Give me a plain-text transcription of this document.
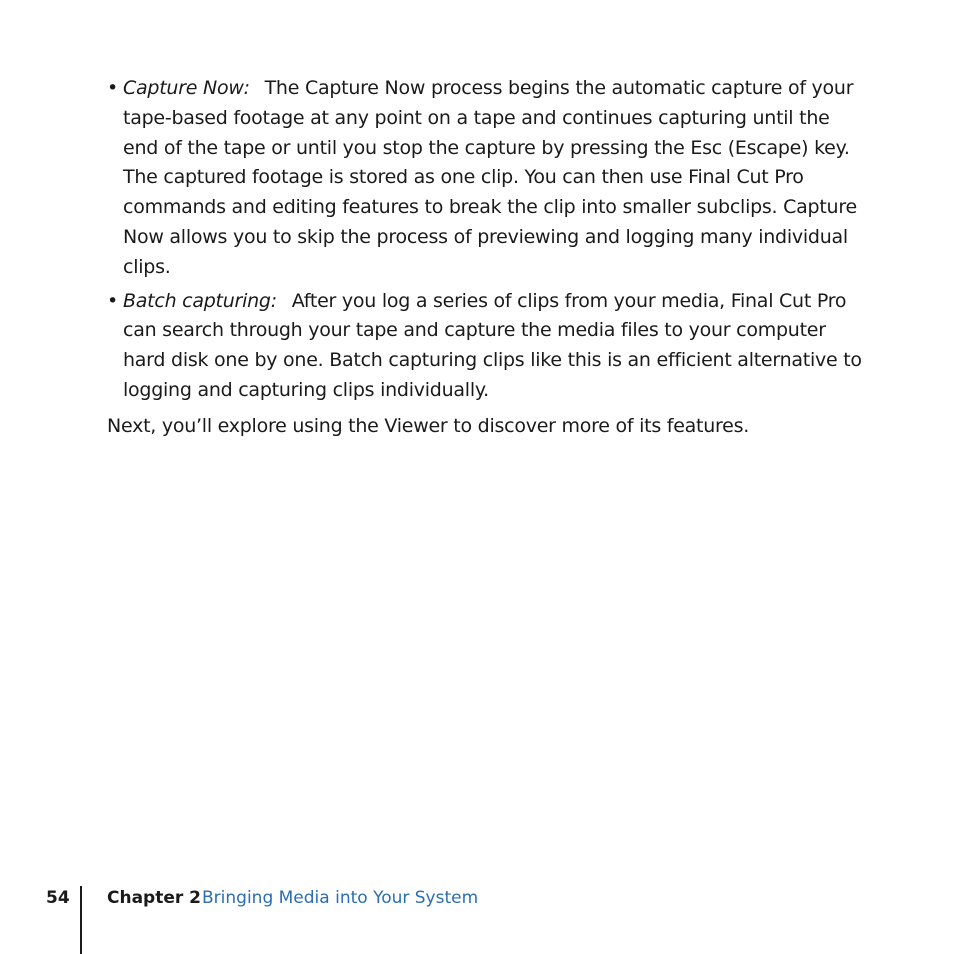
• Capture Now: The Capture Now process begins the automatic capture of your tape-based footage at any point on a tape and continues capturing until the end of the tape or until you stop the capture by pressing the Esc (Escape) key. The captured footage is stored as one clip. You can then use Final Cut Pro commands and editing features to break the clip into smaller subclips. Capture Now allows you to skip the process of previewing and logging many individual clips.
• Batch capturing: After you log a series of clips from your media, Final Cut Pro can search through your tape and capture the media files to your computer hard disk one by one. Batch capturing clips like this is an efficient alternative to logging and capturing clips individually.

Next, you’ll explore using the Viewer to discover more of its features.

54 Chapter 2 Bringing Media into Your System
